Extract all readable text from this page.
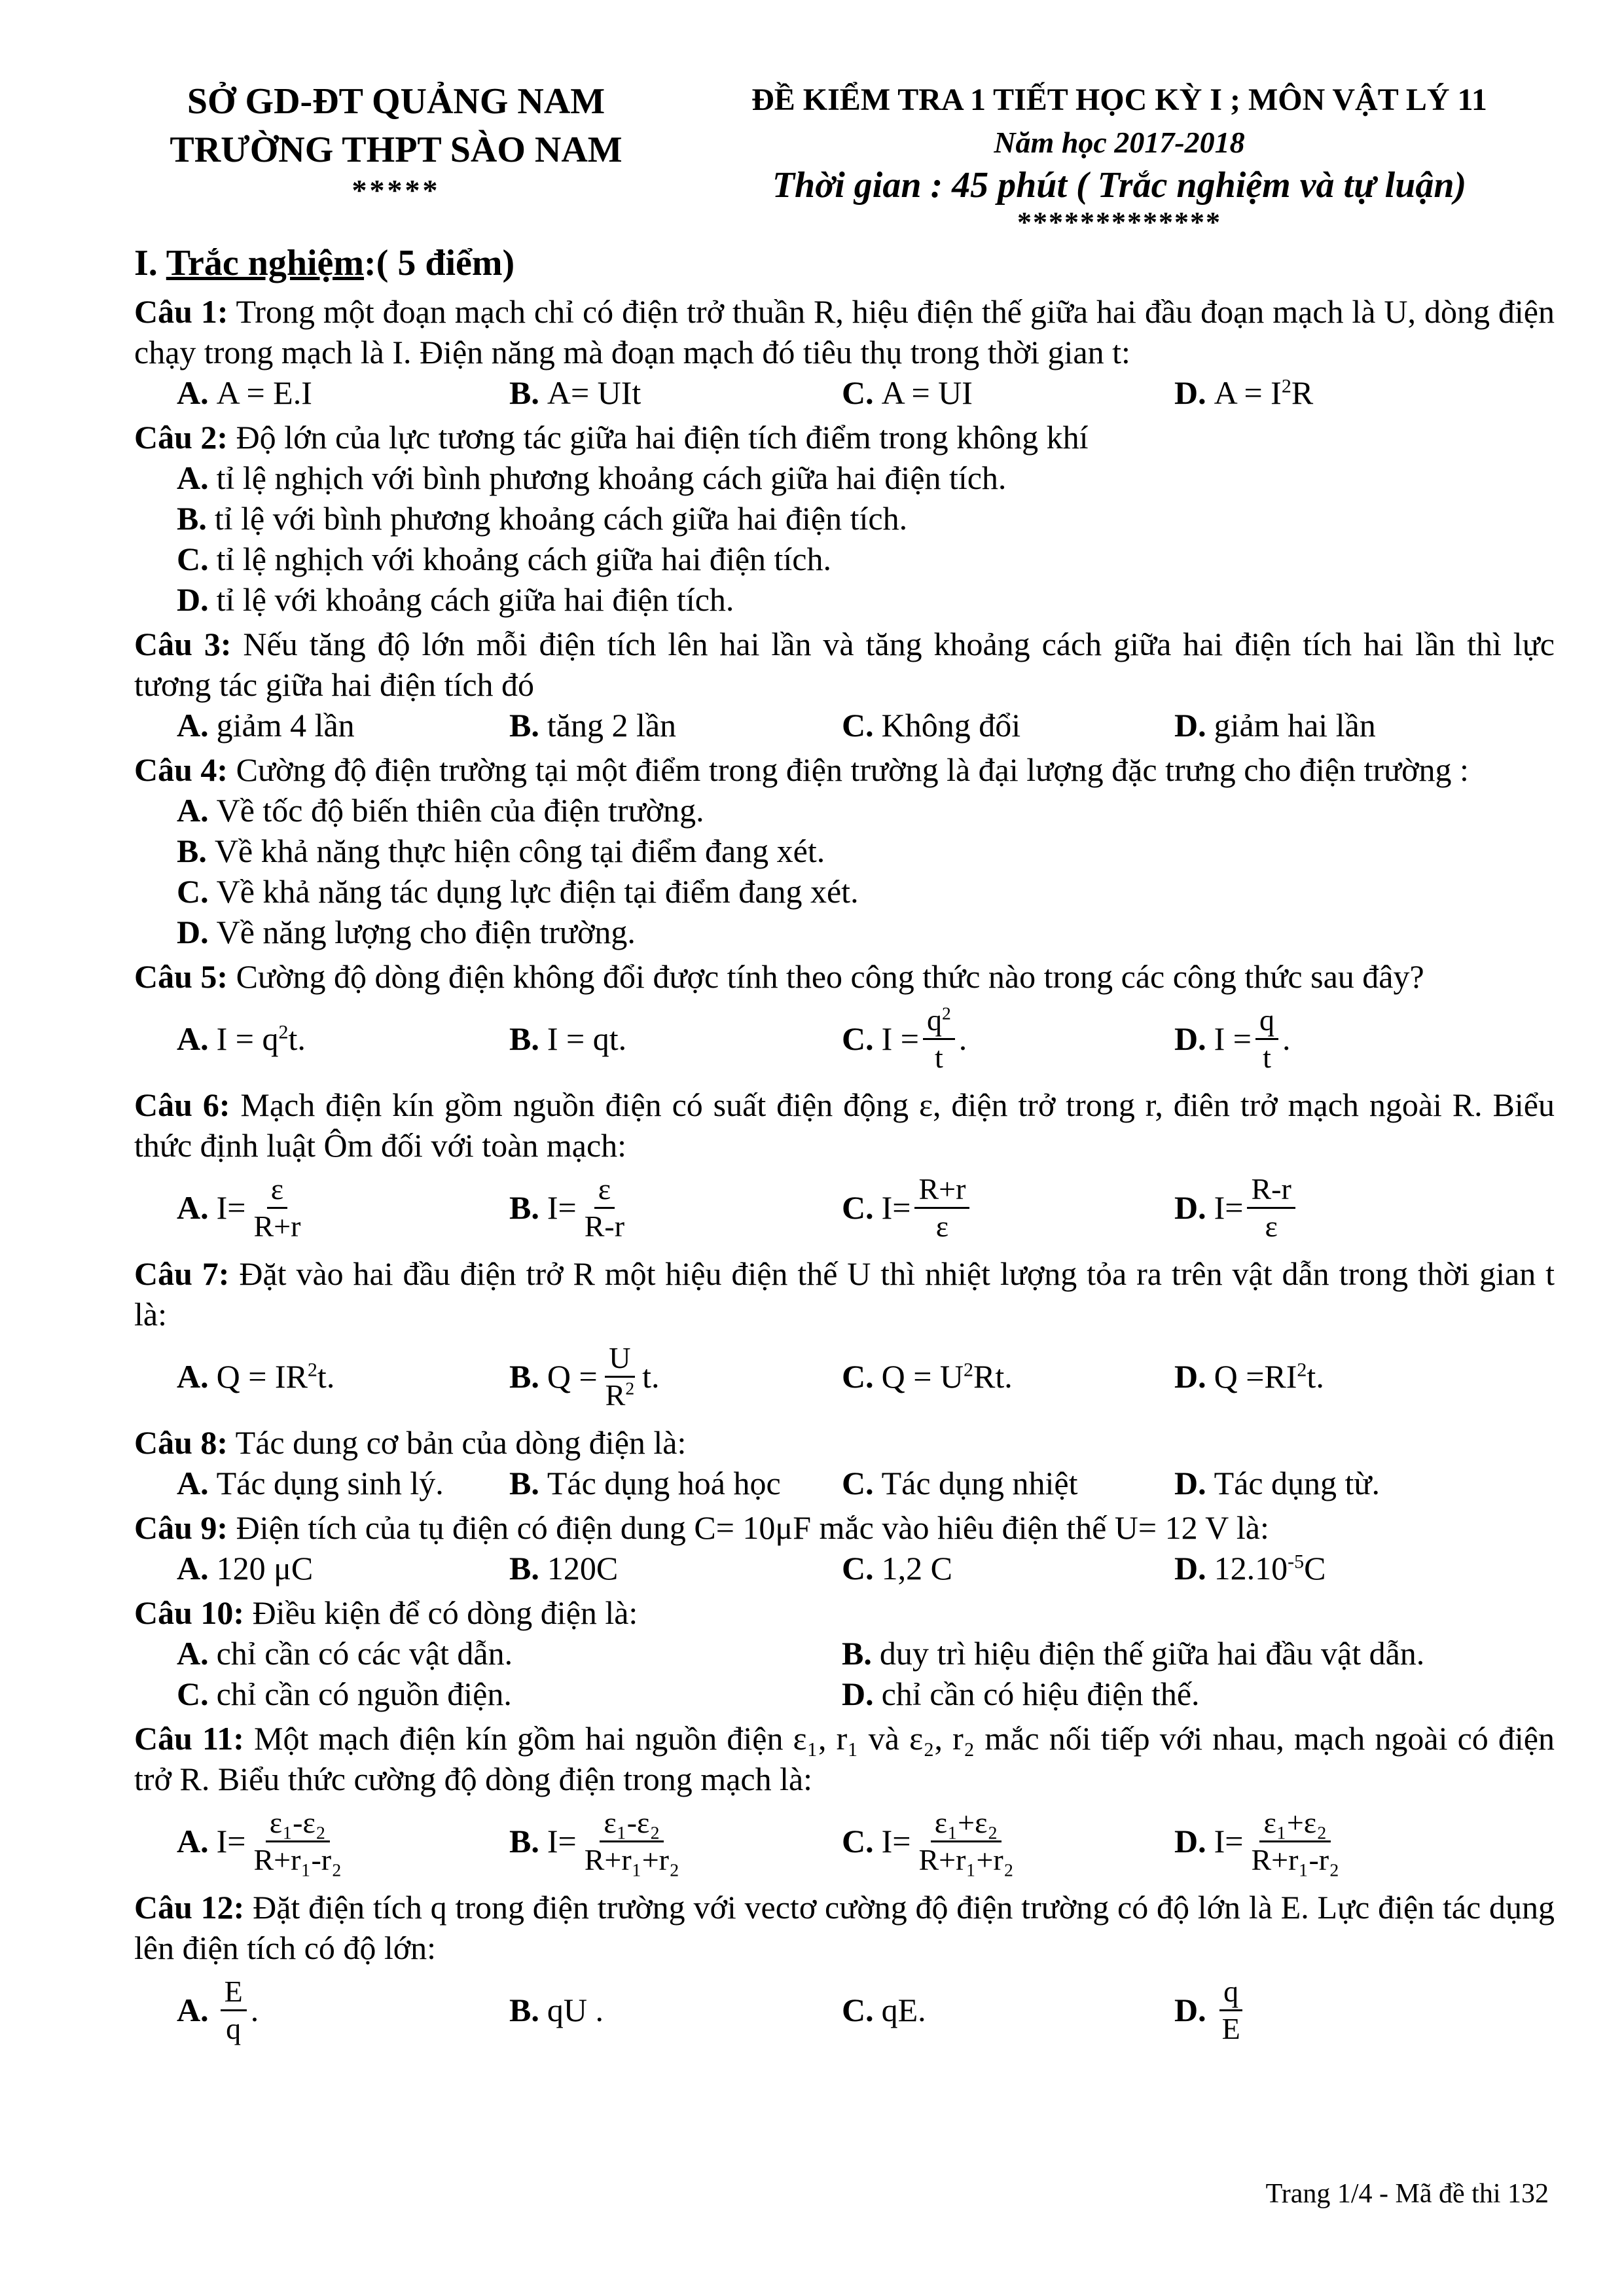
SỞ GD-ĐT QUẢNG NAM
TRƯỜNG THPT SÀO NAM
*****
ĐỀ KIỂM TRA 1 TIẾT HỌC KỲ I ; MÔN VẬT LÝ 11
Năm học 2017-2018
Thời gian : 45 phút ( Trắc nghiệm và tự luận)
*************
I. Trắc nghiệm:( 5 điểm)
Câu 1: Trong một đoạn mạch chỉ có điện trở thuần R, hiệu điện thế giữa hai đầu đoạn mạch là U, dòng điện chạy trong mạch là I. Điện năng mà đoạn mạch đó tiêu thụ trong thời gian t:
A. A = E.I	B. A= UIt	C. A = UI	D. $A = I^2R$
Câu 2: Độ lớn của lực tương tác giữa hai điện tích điểm trong không khí
A. tỉ lệ nghịch với bình phương khoảng cách giữa hai điện tích.
B. tỉ lệ với bình phương khoảng cách giữa hai điện tích.
C. tỉ lệ nghịch với khoảng cách giữa hai điện tích.
D. tỉ lệ với khoảng cách giữa hai điện tích.
Câu 3: Nếu tăng độ lớn mỗi điện tích lên hai lần và tăng khoảng cách giữa hai điện tích hai lần thì lực tương tác giữa hai điện tích đó
A. giảm 4 lần	B. tăng 2 lần	C. Không đổi	D. giảm hai lần
Câu 4: Cường độ điện trường tại một điểm trong điện trường là đại lượng đặc trưng cho điện trường :
A. Về tốc độ biến thiên của điện trường.
B. Về khả năng thực hiện công tại điểm đang xét.
C. Về khả năng tác dụng lực điện tại điểm đang xét.
D. Về năng lượng cho điện trường.
Câu 5: Cường độ dòng điện không đổi được tính theo công thức nào trong các công thức sau đây?
A. $I = q^2t$.	B. I = qt.	C. $I = \frac{q^2}{t}$ .	D. $I = \frac{q}{t}$ .
Câu 6: Mạch điện kín gồm nguồn điện có suất điện động ε, điện trở trong r, điên trở mạch ngoài R. Biểu thức định luật Ôm đối với toàn mạch:
A. $I= \frac{\varepsilon}{R+r}$	B. $I= \frac{\varepsilon}{R-r}$	C. $I= \frac{R+r}{\varepsilon}$	D. $I= \frac{R-r}{\varepsilon}$
Câu 7: Đặt vào hai đầu điện trở R một hiệu điện thế U thì nhiệt lượng tỏa ra trên vật dẫn trong thời gian t là:
A. $Q = IR^2t$.	B. $Q = \frac{U}{R^2} t$.	C. $Q = U^2Rt$.	D. $Q =RI^2t$.
Câu 8: Tác dung cơ bản của dòng điện là:
A. Tác dụng sinh lý. B. Tác dụng hoá học C. Tác dụng nhiệt	D. Tác dụng từ.
Câu 9: Điện tích của tụ điện có điện dung C= 10μF mắc vào hiêu điện thế U= 12 V là:
A. 120 μC	B. 120C	C. 1,2 C	D. $12.10^{-5}C$
Câu 10: Điều kiện để có dòng điện là:
A. chỉ cần có các vật dẫn.	B. duy trì hiệu điện thế giữa hai đầu vật dẫn.
C. chỉ cần có nguồn điện.	D. chỉ cần có hiệu điện thế.
Câu 11: Một mạch điện kín gồm hai nguồn điện ε₁, r₁ và ε₂, r₂ mắc nối tiếp với nhau, mạch ngoài có điện trở R. Biểu thức cường độ dòng điện trong mạch là:
A. $I= \frac{\text{ε₁-ε₂}}{\text{R+r₁-r₂}}$	B. $I= \frac{\text{ε₁-ε₂}}{\text{R+r₁+r₂}}$	C. $I= \frac{\text{ε₁+ε₂}}{\text{R+r₁+r₂}}$	D. $I= \frac{\text{ε₁+ε₂}}{\text{R+r₁-r₂}}$
Câu 12: Đặt điện tích q trong điện trường với vectơ cường độ điện trường có độ lớn là E. Lực điện tác dụng lên điện tích có độ lớn:
A. $\frac{E}{q}$ .	B. qU .	C. qE.	D. $\frac{q}{E}$
Trang 1/4 - Mã đề thi 132
